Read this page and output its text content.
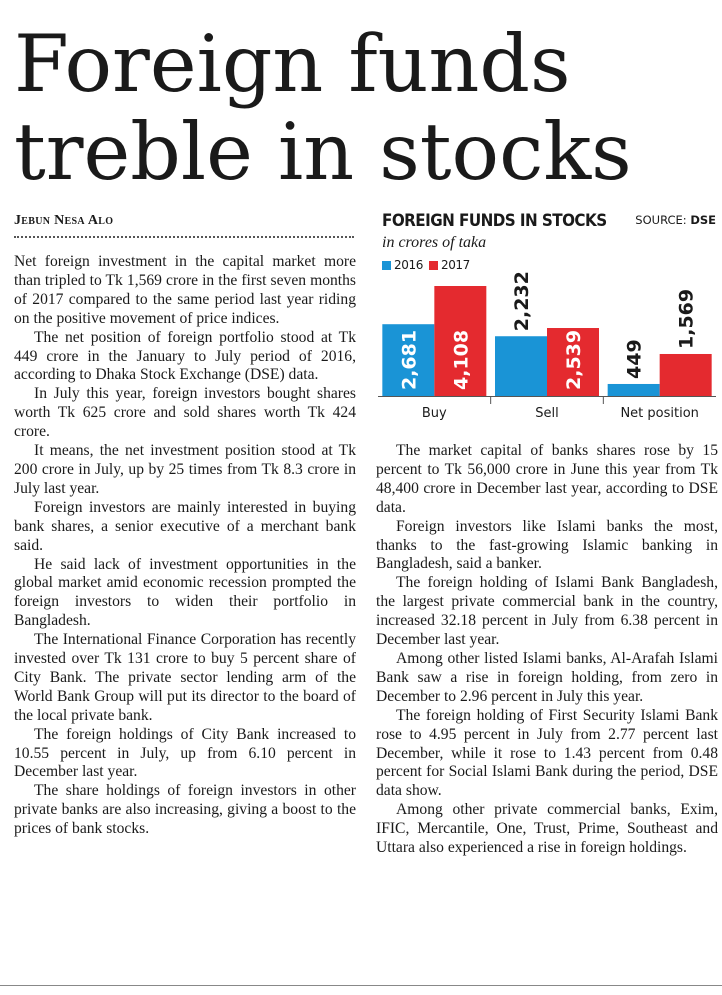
Foreign funds
treble in stocks
Jebun Nesa Alo

Net foreign investment in the capital market more than tripled to Tk 1,569 crore in the first seven months of 2017 compared to the same period last year riding on the positive movement of price indices.

The net position of foreign portfolio stood at Tk 449 crore in the January to July period of 2016, according to Dhaka Stock Exchange (DSE) data.

In July this year, foreign investors bought shares worth Tk 625 crore and sold shares worth Tk 424 crore.

It means, the net investment position stood at Tk 200 crore in July, up by 25 times from Tk 8.3 crore in July last year.

Foreign investors are mainly interested in buying bank shares, a senior executive of a merchant bank said.

He said lack of investment opportunities in the global market amid economic recession prompted the foreign investors to widen their portfolio in Bangladesh.

The International Finance Corporation has recently invested over Tk 131 crore to buy 5 percent share of City Bank. The private sector lending arm of the World Bank Group will put its director to the board of the local private bank.

The foreign holdings of City Bank increased to 10.55 percent in July, up from 6.10 percent in December last year.

The share holdings of foreign investors in other private banks are also increasing, giving a boost to the prices of bank stocks.

FOREIGN FUNDS IN STOCKS SOURCE: DSE
in crores of taka
2016 2017
2,681 4,108
Buy
2,232
2,539
Sell
449
1,569
Net position

The market capital of banks shares rose by 15 percent to Tk 56,000 crore in June this year from Tk 48,400 crore in December last year, according to DSE data.

Foreign investors like Islami banks the most, thanks to the fast-growing Islamic banking in Bangladesh, said a banker.

The foreign holding of Islami Bank Bangladesh, the largest private commercial bank in the country, increased 32.18 percent in July from 6.38 percent in December last year.

Among other listed Islami banks, Al-Arafah Islami Bank saw a rise in foreign holding, from zero in December to 2.96 percent in July this year.

The foreign holding of First Security Islami Bank rose to 4.95 percent in July from 2.77 percent last December, while it rose to 1.43 percent from 0.48 percent for Social Islami Bank during the period, DSE data show.

Among other private commercial banks, Exim, IFIC, Mercantile, One, Trust, Prime, Southeast and Uttara also experienced a rise in foreign holdings.
